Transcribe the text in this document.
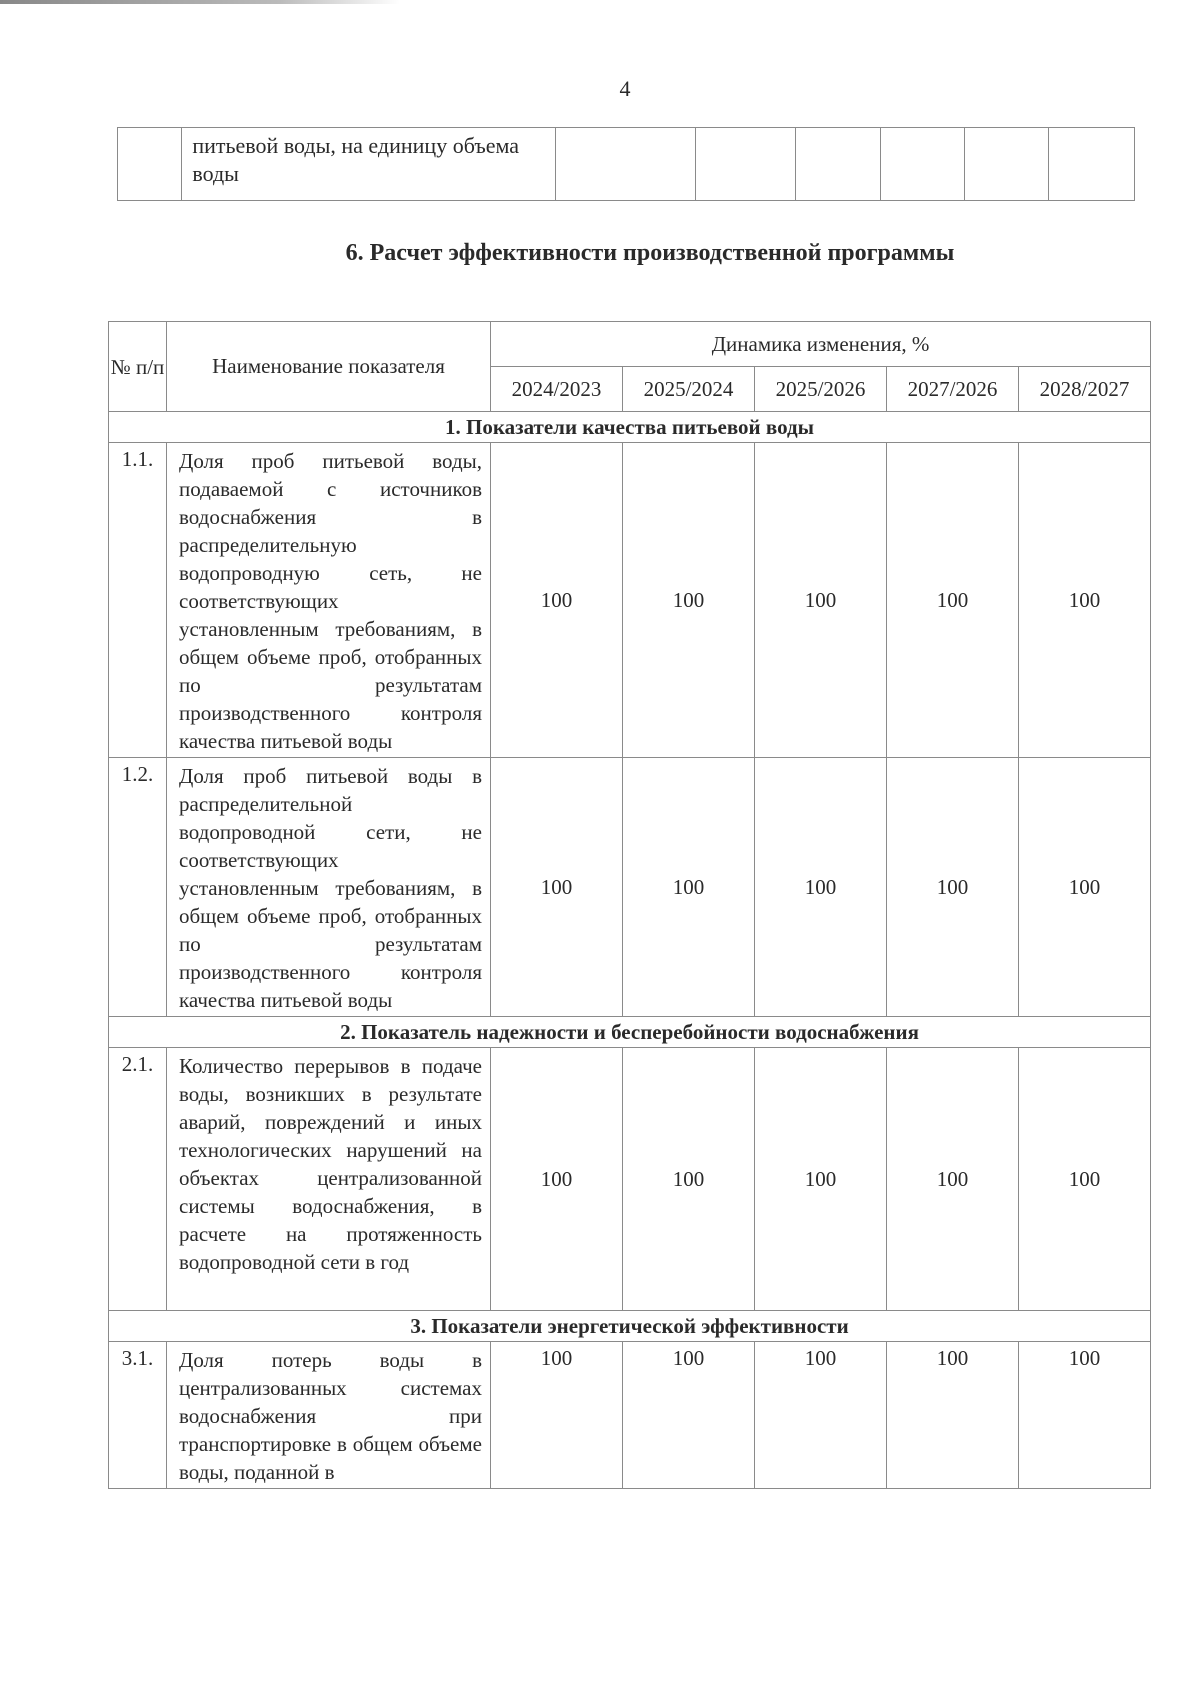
4
	питьевой воды, на единицу объема воды						
6. Расчет эффективности производственной программы
№ п/п	Наименование показателя	Динамика изменения, %				
		2024/2023	2025/2024	2025/2026	2027/2026	2028/2027
1. Показатели качества питьевой воды						
1.1.	Доля проб питьевой воды, подаваемой с источников водоснабжения в распределительную водопроводную сеть, не соответствующих установленным требованиям, в общем объеме проб, отобранных по результатам производственного контроля качества питьевой воды	100	100	100	100	100
1.2.	Доля проб питьевой воды в распределительной водопроводной сети, не соответствующих установленным требованиям, в общем объеме проб, отобранных по результатам производственного контроля качества питьевой воды	100	100	100	100	100
2. Показатель надежности и бесперебойности водоснабжения						
2.1.	Количество перерывов в подаче воды, возникших в результате аварий, повреждений и иных технологических нарушений на объектах централизованной системы водоснабжения, в расчете на протяженность водопроводной сети в год	100	100	100	100	100
3. Показатели энергетической эффективности						
3.1.	Доля потерь воды в централизованных системах водоснабжения при транспортировке в общем объеме воды, поданной в	100	100	100	100	100
